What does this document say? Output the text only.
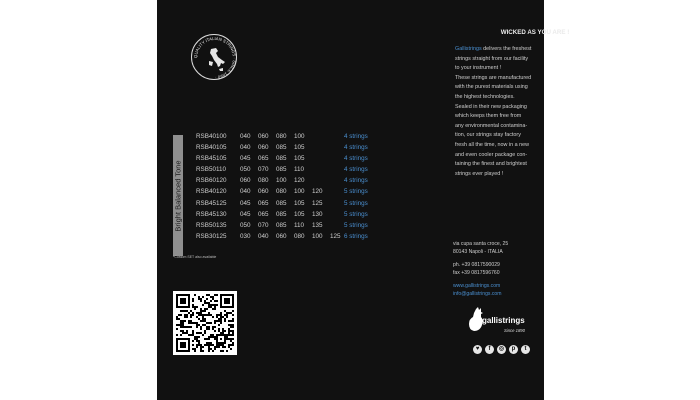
QUALITY ITALIAN STRINGS · SINCE 1890 ·
Bright Balanced Tone
RSB40100 040 060 080 100	4 strings
RSB40105 040 060 085 105	4 strings
RSB45105 045 065 085 105	4 strings
RSB50110 050 070 085 110	4 strings
RSB60120 060 080 100 120	4 strings
RSB40120 040 060 080 100 120	5 strings
RSB45125 045 065 085 105 125	5 strings
RSB45130 045 065 085 105 130	5 strings
RSB50135 050 070 085 110 135	5 strings
RSB30125 030 040 060 080 100 125 6 strings
*Custom SET also available
WICKED AS YOU ARE !
Gallistrings delivers the freshest
strings straight from our facility
to your instrument !
These strings are manufactured
with the purest materials using
the highest technologies.
Sealed in their new packaging
which keeps them free from
any environmental contamina-
tion, our strings stay factory
fresh all the time, now in a new
and even cooler package con-
taining the finest and brightest
strings ever played !
via cupa santa croce, 25
80143 Napoli - ITALIA
ph. +39 0817590029
fax +39 0817596760
www.gallistrings.com
info@gallistrings.com
gallistrings
Since 1890
♥	f	◎	p	t
